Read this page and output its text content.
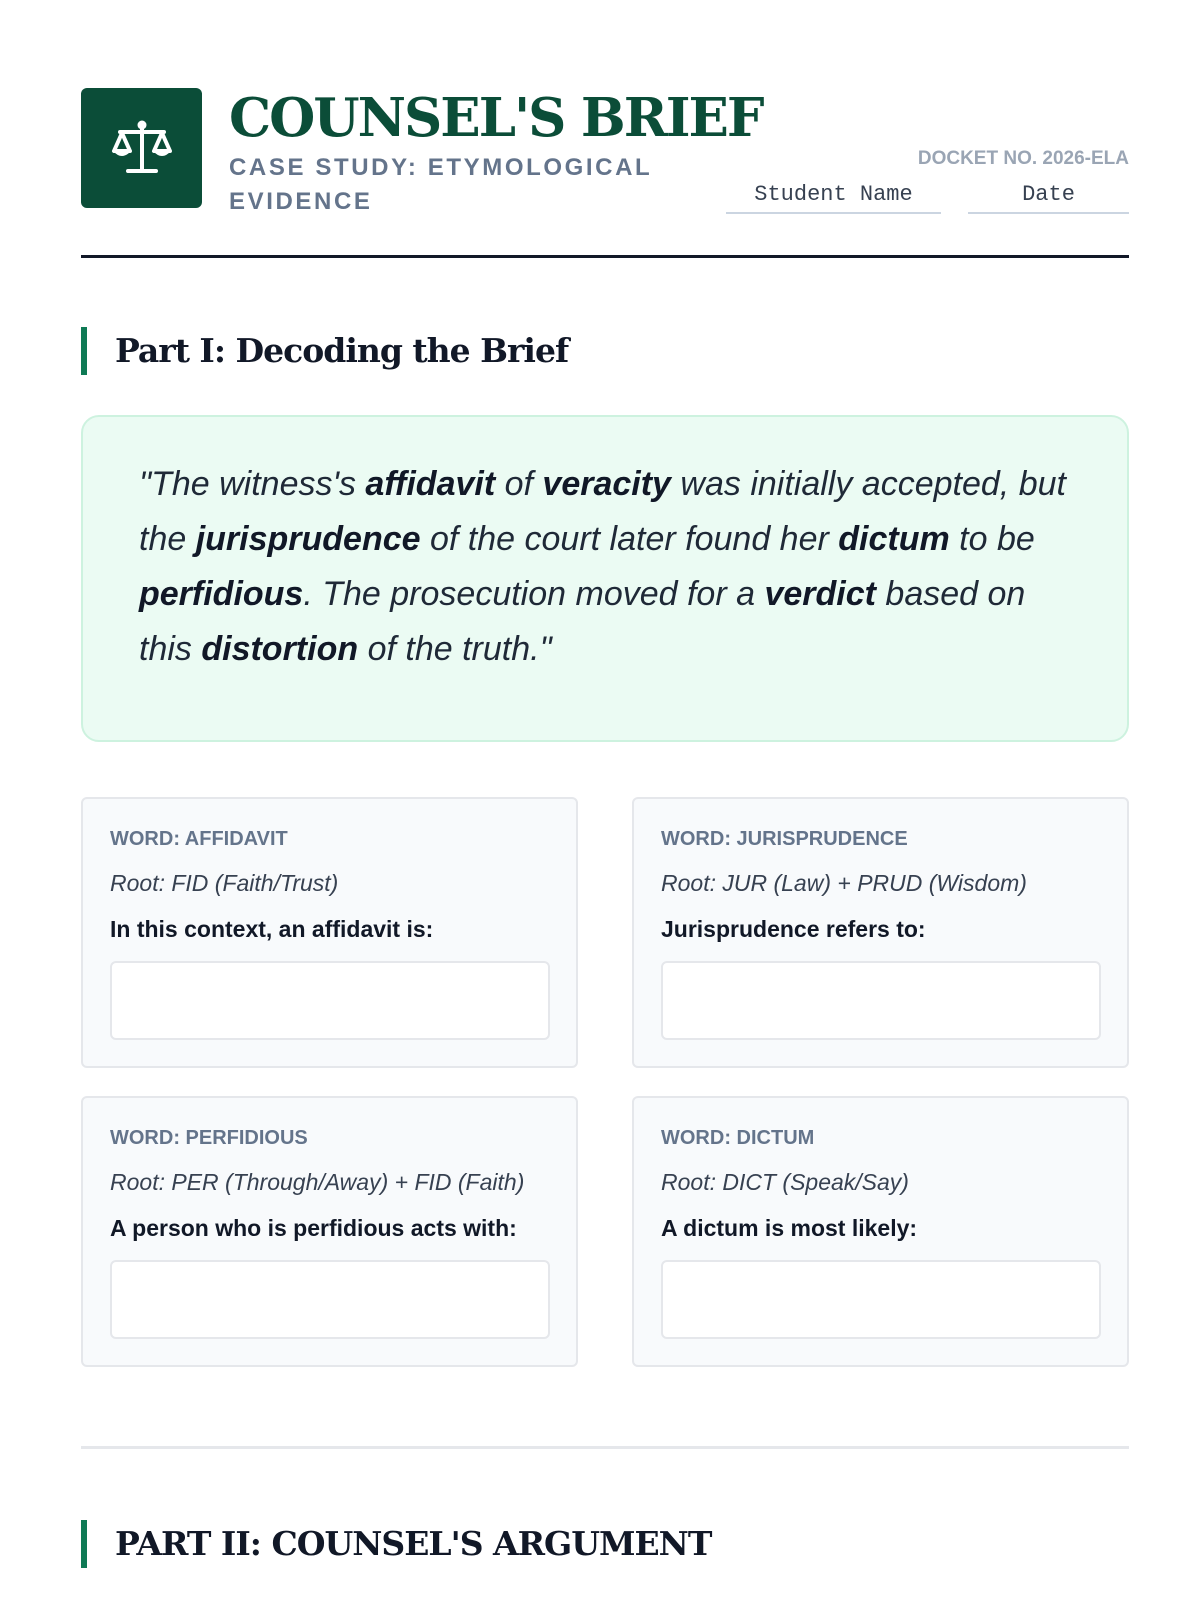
COUNSEL'S BRIEF
CASE STUDY: ETYMOLOGICAL EVIDENCE
DOCKET NO. 2026-ELA
Student Name	Date
Part I: Decoding the Brief

"The witness's affidavit of veracity was initially accepted, but the jurisprudence of the court later found her dictum to be perfidious. The prosecution moved for a verdict based on this distortion of the truth."

WORD: AFFIDAVIT
Root: FID (Faith/Trust)
In this context, an affidavit is:
WORD: JURISPRUDENCE
Root: JUR (Law) + PRUD (Wisdom)
Jurisprudence refers to:
WORD: PERFIDIOUS
Root: PER (Through/Away) + FID (Faith)
A person who is perfidious acts with:
WORD: DICTUM
Root: DICT (Speak/Say)
A dictum is most likely:
PART II: COUNSEL'S ARGUMENT
